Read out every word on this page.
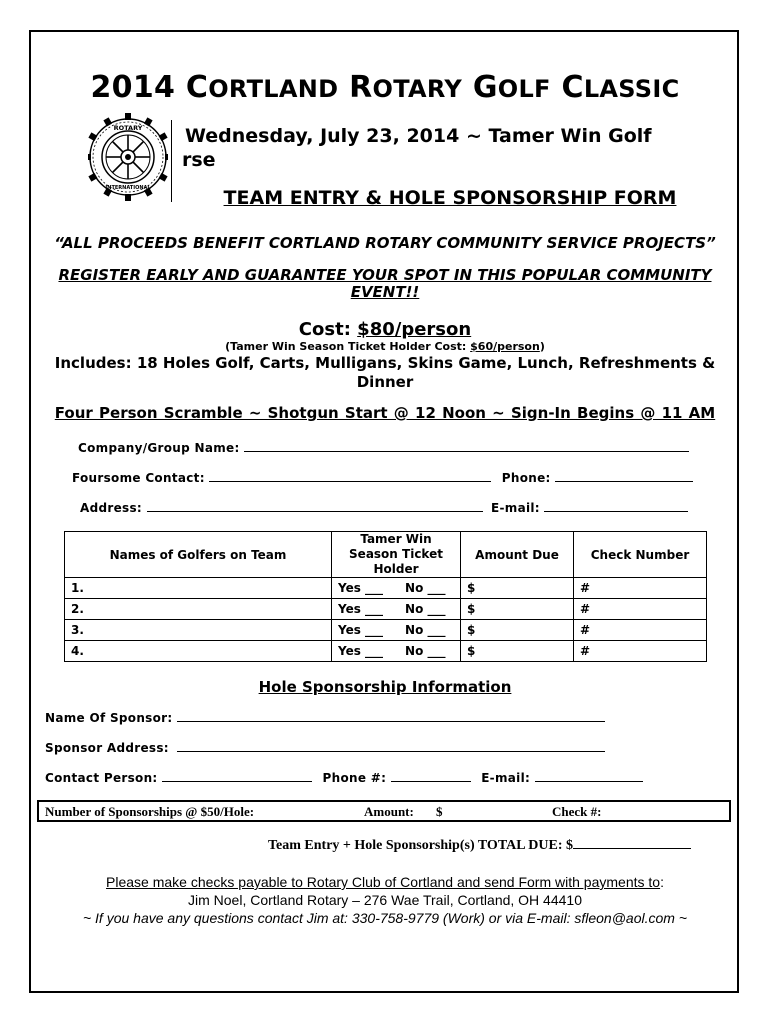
2014 CORTLAND ROTARY GOLF CLASSIC
ROTARY
INTERNATIONAL
Wednesday, July 23, 2014 ~ Tamer Win Golf
rse
TEAM ENTRY & HOLE SPONSORSHIP FORM
“ALL PROCEEDS BENEFIT CORTLAND ROTARY COMMUNITY SERVICE PROJECTS”
REGISTER EARLY AND GUARANTEE YOUR SPOT IN THIS POPULAR COMMUNITY EVENT!!
Cost: $80/person
(Tamer Win Season Ticket Holder Cost: $60/person)
Includes: 18 Holes Golf, Carts, Mulligans, Skins Game, Lunch, Refreshments & Dinner
Four Person Scramble ~ Shotgun Start @ 12 Noon ~ Sign-In Begins @ 11 AM
Company/Group Name:
Foursome Contact:	Phone:
Address:	E-mail:
Names of Golfers on Team	Tamer Win Season Ticket Holder	Amount Due	Check Number
1.	Yes ___ No ___	$	#
2.	Yes ___ No ___	$	#
3.	Yes ___ No ___	$	#
4.	Yes ___ No ___	$	#
Hole Sponsorship Information
Name Of Sponsor:
Sponsor Address:
Contact Person:	Phone #:	E-mail:
Number of Sponsorships @ $50/Hole:	Amount: $	Check #:
Team Entry + Hole Sponsorship(s) TOTAL DUE: $
Please make checks payable to Rotary Club of Cortland and send Form with payments to:
Jim Noel, Cortland Rotary – 276 Wae Trail, Cortland, OH 44410
~ If you have any questions contact Jim at: 330-758-9779 (Work) or via E-mail: sfleon@aol.com ~
